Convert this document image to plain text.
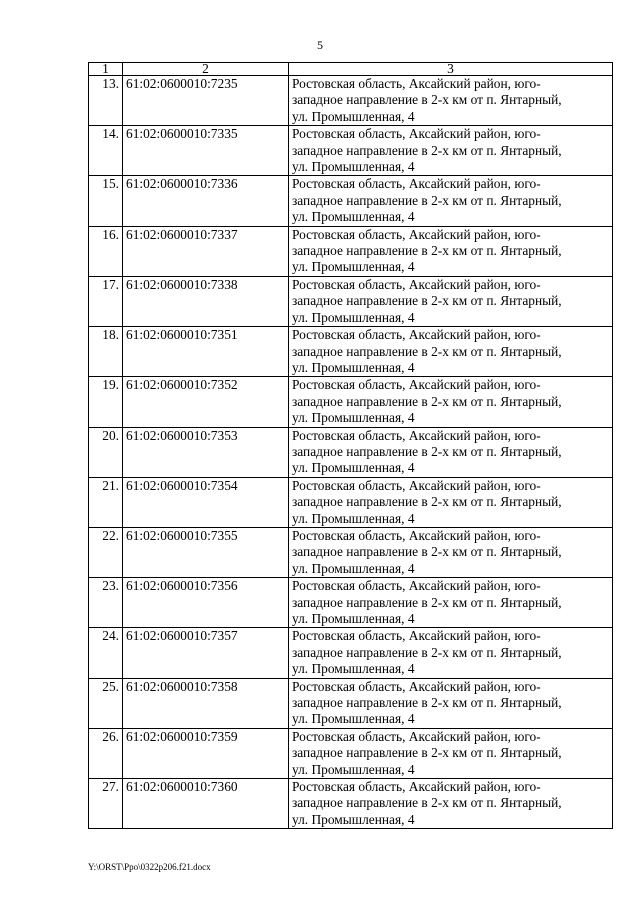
5
1	2	3
13.	61:02:0600010:7235	Ростовская область, Аксайский район, юго-
западное направление в 2-х км от п. Янтарный,
ул. Промышленная, 4

14.	61:02:0600010:7335	Ростовская область, Аксайский район, юго-
западное направление в 2-х км от п. Янтарный,
ул. Промышленная, 4

15.	61:02:0600010:7336	Ростовская область, Аксайский район, юго-
западное направление в 2-х км от п. Янтарный,
ул. Промышленная, 4

16.	61:02:0600010:7337	Ростовская область, Аксайский район, юго-
западное направление в 2-х км от п. Янтарный,
ул. Промышленная, 4

17.	61:02:0600010:7338	Ростовская область, Аксайский район, юго-
западное направление в 2-х км от п. Янтарный,
ул. Промышленная, 4

18.	61:02:0600010:7351	Ростовская область, Аксайский район, юго-
западное направление в 2-х км от п. Янтарный,
ул. Промышленная, 4

19.	61:02:0600010:7352	Ростовская область, Аксайский район, юго-
западное направление в 2-х км от п. Янтарный,
ул. Промышленная, 4

20.	61:02:0600010:7353	Ростовская область, Аксайский район, юго-
западное направление в 2-х км от п. Янтарный,
ул. Промышленная, 4

21.	61:02:0600010:7354	Ростовская область, Аксайский район, юго-
западное направление в 2-х км от п. Янтарный,
ул. Промышленная, 4

22.	61:02:0600010:7355	Ростовская область, Аксайский район, юго-
западное направление в 2-х км от п. Янтарный,
ул. Промышленная, 4

23.	61:02:0600010:7356	Ростовская область, Аксайский район, юго-
западное направление в 2-х км от п. Янтарный,
ул. Промышленная, 4

24.	61:02:0600010:7357	Ростовская область, Аксайский район, юго-
западное направление в 2-х км от п. Янтарный,
ул. Промышленная, 4

25.	61:02:0600010:7358	Ростовская область, Аксайский район, юго-
западное направление в 2-х км от п. Янтарный,
ул. Промышленная, 4

26.	61:02:0600010:7359	Ростовская область, Аксайский район, юго-
западное направление в 2-х км от п. Янтарный,
ул. Промышленная, 4

27.	61:02:0600010:7360	Ростовская область, Аксайский район, юго-
западное направление в 2-х км от п. Янтарный,
ул. Промышленная, 4
Y:\ORST\Ppo\0322p206.f21.docx
